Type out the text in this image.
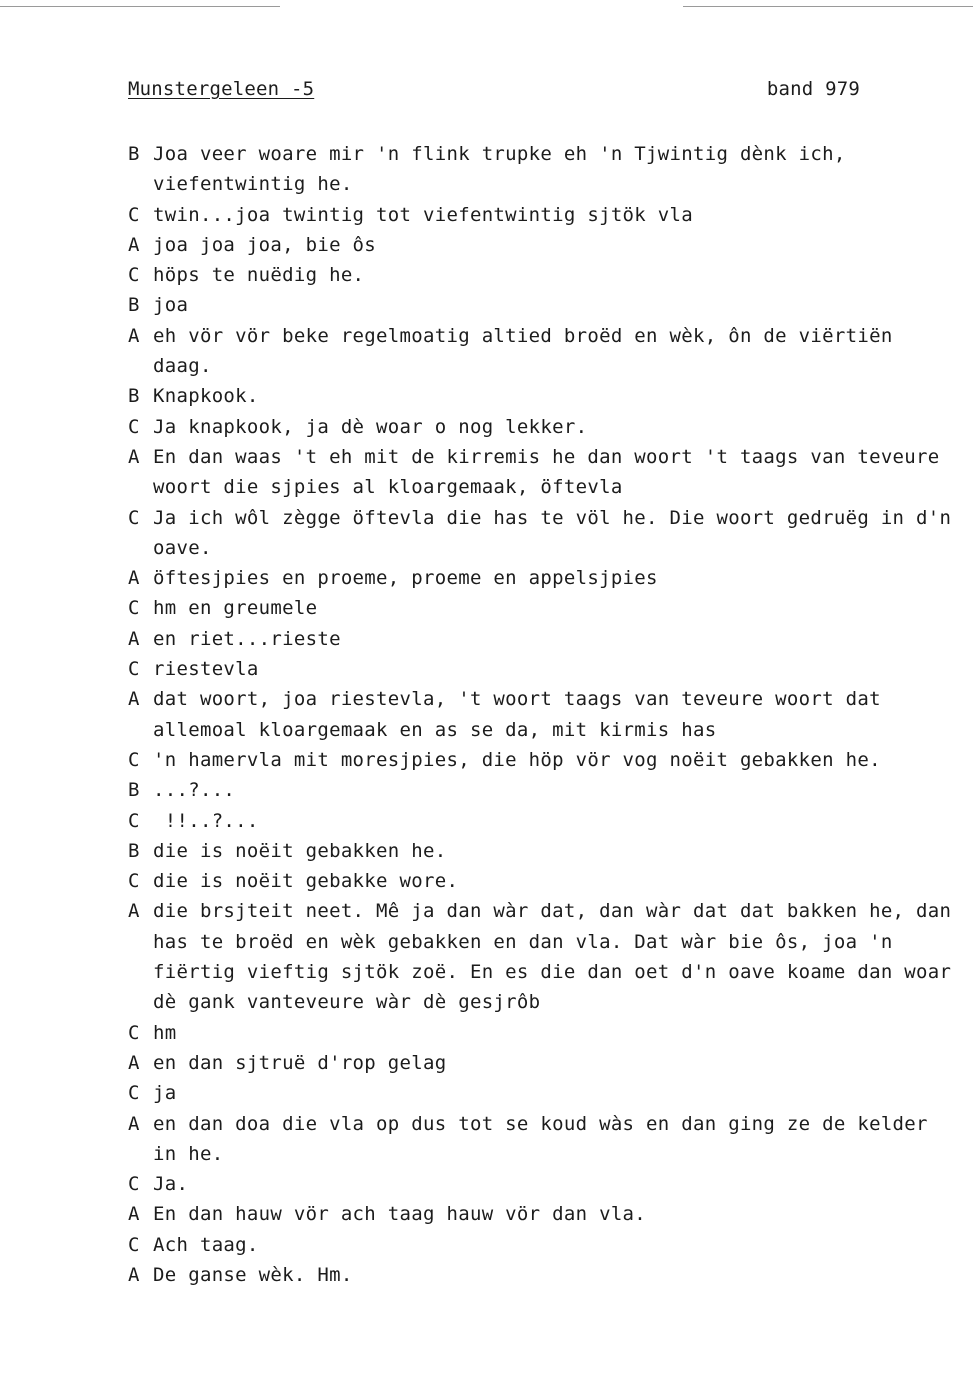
Munstergeleen -5	band 979
B Joa veer woare mir 'n flink trupke eh 'n Tjwintig dènk ich, viefentwintig he.
C twin...joa twintig tot viefentwintig sjtök vla
A joa joa joa, bie ôs
C höps te nuëdig he.
B joa
A eh vör vör beke regelmoatig altied broëd en wèk, ôn de viërtiën daag.
B Knapkook.
C Ja knapkook, ja dè woar o nog lekker.
A En dan waas 't eh mit de kirremis he dan woort 't taags van teveure woort die sjpies al kloargemaak, öftevla
C Ja ich wôl zègge öftevla die has te völ he. Die woort gedruëg in d'n oave.
A öftesjpies en proeme, proeme en appelsjpies
C hm en greumele
A en riet...rieste
C riestevla
A dat woort, joa riestevla, 't woort taags van teveure woort dat allemoal kloargemaak en as se da, mit kirmis has
C 'n hamervla mit moresjpies, die höp vör vog noëit gebakken he.
B ...?...
C !!..?...
B die is noëit gebakken he.
C die is noëit gebakke wore.
A die brsjteit neet. Mê ja dan wàr dat, dan wàr dat dat bakken he, dan has te broëd en wèk gebakken en dan vla. Dat wàr bie ôs, joa 'n fiërtig vieftig sjtök zoë. En es die dan oet d'n oave koame dan woar dè gank vanteveure wàr dè gesjrôb
C hm
A en dan sjtruë d'rop gelag
C ja
A en dan doa die vla op dus tot se koud wàs en dan ging ze de kelder in he.
C Ja.
A En dan hauw vör ach taag hauw vör dan vla.
C Ach taag.
A De ganse wèk. Hm.
